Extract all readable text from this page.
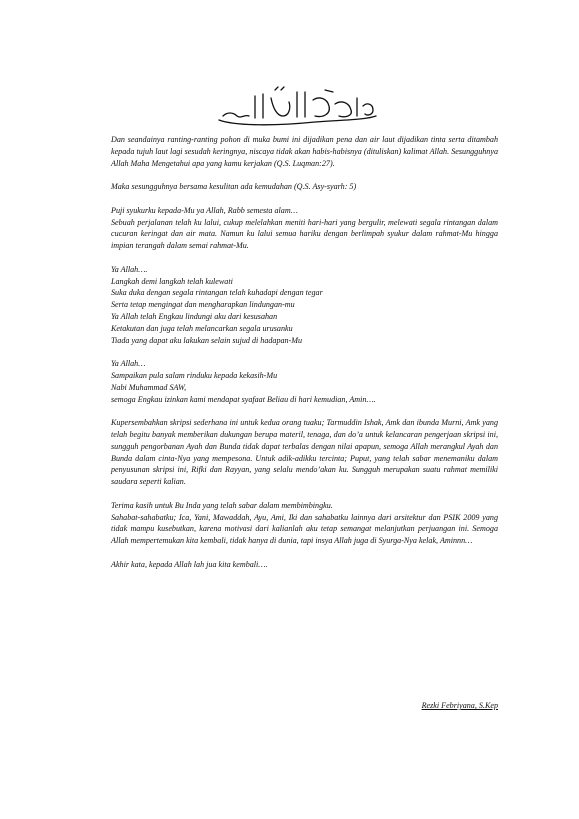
Dan seandainya ranting-ranting pohon di muka bumi ini dijadikan pena dan air laut dijadikan tinta serta ditambah kepada tujuh laut lagi sesudah keringnya, niscaya tidak akan habis-habisnya (dituliskan) kalimat Allah. Sesungguhnya Allah Maha Mengetahui apa yang kamu kerjakan (Q.S. Luqman:27).

Maka sesungguhnya bersama kesulitan ada kemudahan (Q.S. Asy-syarh: 5)

Puji syukurku kepada-Mu ya Allah, Rabb semesta alam…
Sebuah perjalanan telah ku lalui, cukup melelahkan meniti hari-hari yang bergulir, melewati segala rintangan dalam cucuran keringat dan air mata. Namun ku lalui semua hariku dengan berlimpah syukur dalam rahmat-Mu hingga impian terangah dalam semai rahmat-Mu.

Ya Allah….
Langkah demi langkah telah kulewati
Suka duka dengan segala rintangan telah kuhadapi dengan tegar
Serta tetap mengingat dan mengharapkan lindungan-mu
Ya Allah telah Engkau lindungi aku dari kesusahan
Ketakutan dan juga telah melancarkan segala urusanku
Tiada yang dapat aku lakukan selain sujud di hadapan-Mu

Ya Allah…
Sampaikan pula salam rinduku kepada kekasih-Mu
Nabi Muhammad SAW,
semoga Engkau izinkan kami mendapat syafaat Beliau di hari kemudian, Amin….

Kupersembahkan skripsi sederhana ini untuk kedua orang tuaku; Tarmuddin Ishak, Amk dan ibunda Murni, Amk yang telah begitu banyak memberikan dukungan berupa materil, tenaga, dan do’a untuk kelancaran pengerjaan skripsi ini, sungguh pengorbanan Ayah dan Bunda tidak dapat terbalas dengan nilai apapun, semoga Allah merangkul Ayah dan Bunda dalam cinta-Nya yang mempesona. Untuk adik-adikku tercinta; Puput, yang telah sabar menemaniku dalam penyusunan skripsi ini, Rifki dan Rayyan, yang selalu mendo’akan ku. Sungguh merupakan suatu rahmat memiliki saudara seperti kalian.

Terima kasih untuk Bu Inda yang telah sabar dalam membimbingku.
Sahabat-sahabatku; Ica, Yani, Mawaddah, Ayu, Ami, Iki dan sahabatku lainnya dari arsitektur dan PSIK 2009 yang tidak mampu kusebutkan, karena motivasi dari kalianlah aku tetap semangat melanjutkan perjuangan ini. Semoga Allah mempertemukan kita kembali, tidak hanya di dunia, tapi insya Allah juga di Syurga-Nya kelak, Aminnn…

Akhir kata, kepada Allah lah jua kita kembali….

Rezki Febriyana, S.Kep
